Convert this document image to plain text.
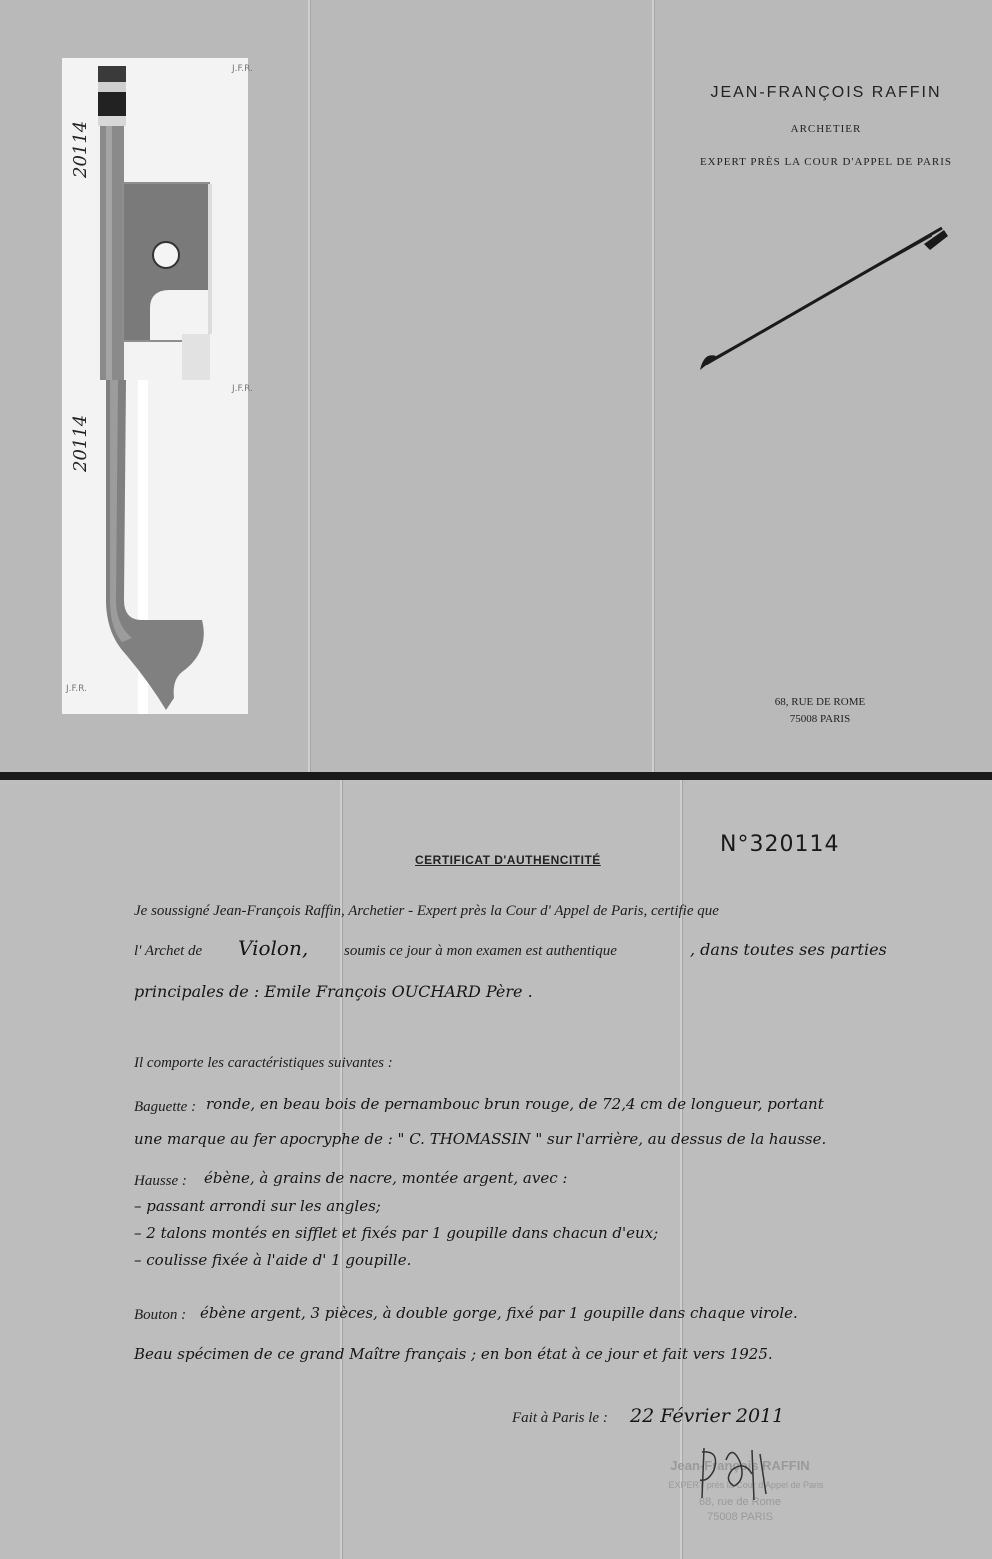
20114
J.F.R.
20114
J.F.R.
J.F.R.
JEAN-FRANÇOIS RAFFIN
ARCHETIER
EXPERT PRÈS LA COUR D'APPEL DE PARIS
68, RUE DE ROME
75008 PARIS
N°320114
CERTIFICAT D'AUTHENCITITÉ
Je soussigné Jean-François Raffin, Archetier - Expert près la Cour d' Appel de Paris, certifie que
l' Archet de Violon, soumis ce jour à mon examen est authentique	, dans toutes ses parties
principales de : Emile François OUCHARD Père .
Il comporte les caractéristiques suivantes :
Baguette : ronde, en beau bois de pernambouc brun rouge, de 72,4 cm de longueur, portant
une marque au fer apocryphe de : " C. THOMASSIN " sur l'arrière, au dessus de la hausse.
Hausse : ébène, à grains de nacre, montée argent, avec :
– passant arrondi sur les angles;
– 2 talons montés en sifflet et fixés par 1 goupille dans chacun d'eux;
– coulisse fixée à l'aide d' 1 goupille.
Bouton : ébène argent, 3 pièces, à double gorge, fixé par 1 goupille dans chaque virole.
Beau spécimen de ce grand Maître français ; en bon état à ce jour et fait vers 1925.
Fait à Paris le : 22 Février 2011
Jean-François RAFFIN
EXPERT près la Cour d'Appel de Paris
68, rue de Rome
75008 PARIS
